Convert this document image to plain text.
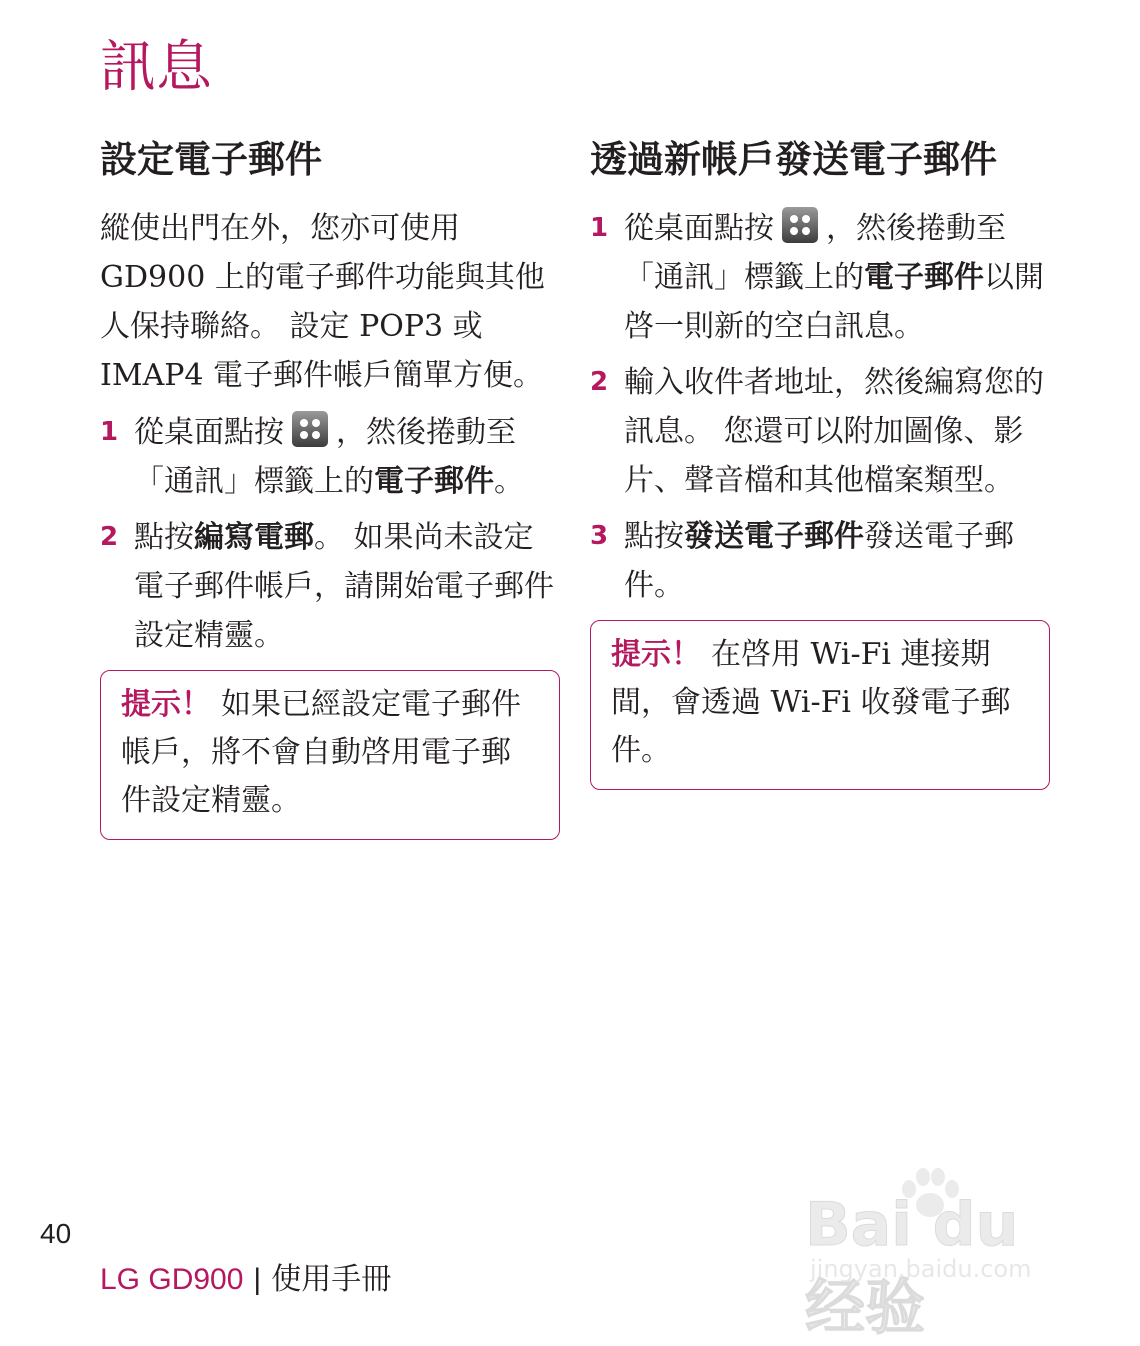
訊息
設定電子郵件

縱使出門在外，您亦可使用 GD900 上的電子郵件功能與其他人保持聯絡。 設定 POP3 或 IMAP4 電子郵件帳戶簡單方便。

1 從桌面點按 ，然後捲動至「通訊」標籤上的電子郵件。
2 點按編寫電郵。 如果尚未設定電子郵件帳戶，請開始電子郵件設定精靈。
提示！ 如果已經設定電子郵件帳戶，將不會自動啓用電子郵件設定精靈。
透過新帳戶發送電子郵件
1 從桌面點按 ，然後捲動至「通訊」標籤上的電子郵件以開啓一則新的空白訊息。
2 輸入收件者地址，然後編寫您的訊息。 您還可以附加圖像、影片、聲音檔和其他檔案類型。
3 點按發送電子郵件發送電子郵件。
提示！ 在啓用 Wi-Fi 連接期間，會透過 Wi-Fi 收發電子郵件。
40
LG GD900 | 使用手冊
Bai du 经验
jingyan.baidu.com
